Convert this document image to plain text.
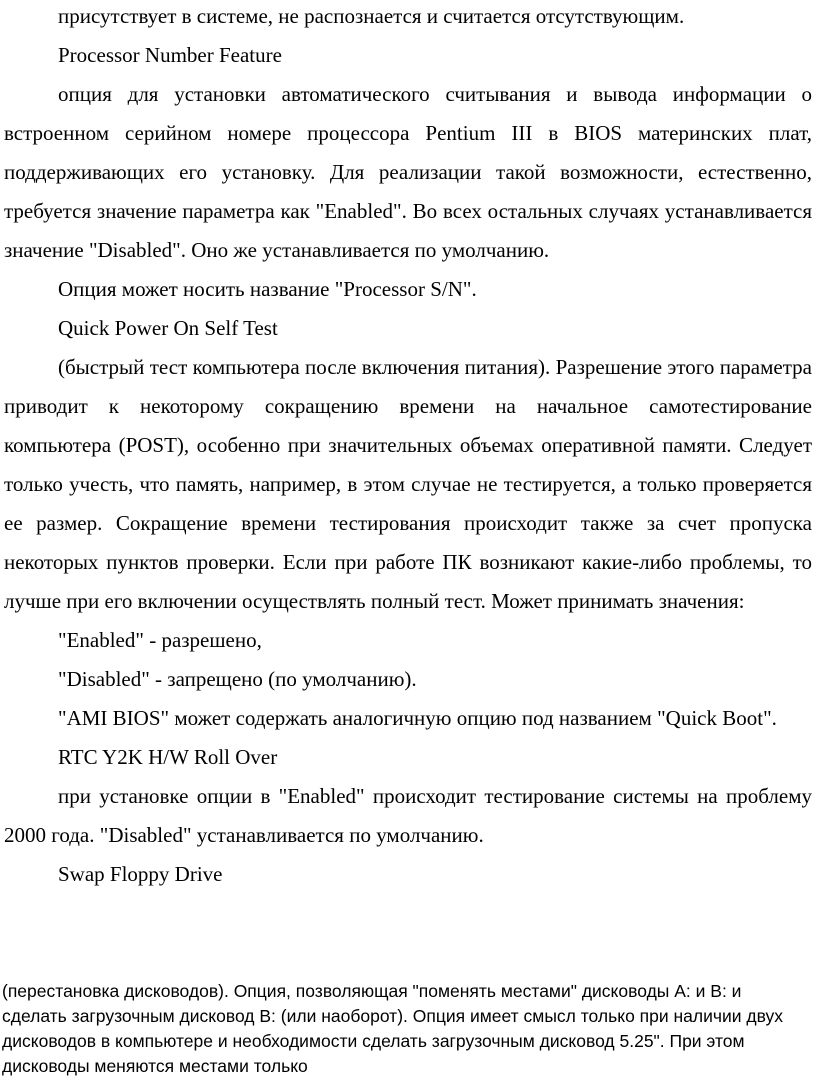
присутствует в системе, не распознается и считается отсутствующим.

Processor Number Feature

опция для установки автоматического считывания и вывода информации о встроенном серийном номере процессора Pentium III в BIOS материнских плат, поддерживающих его установку. Для реализации такой возможности, естественно, требуется значение параметра как "Enabled". Во всех остальных случаях устанавливается значение "Disabled". Оно же устанавливается по умолчанию.

Опция может носить название "Processor S/N".

Quick Power On Self Test

(быстрый тест компьютера после включения питания). Разрешение этого параметра приводит к некоторому сокращению времени на начальное самотестирование компьютера (POST), особенно при значительных объемах оперативной памяти. Следует только учесть, что память, например, в этом случае не тестируется, а только проверяется ее размер. Сокращение времени тестирования происходит также за счет пропуска некоторых пунктов проверки. Если при работе ПК возникают какие-либо проблемы, то лучше при его включении осуществлять полный тест. Может принимать значения:

"Enabled" - разрешено,

"Disabled" - запрещено (по умолчанию).

"AMI BIOS" может содержать аналогичную опцию под названием "Quick Boot".

RTC Y2K H/W Roll Over

при установке опции в "Enabled" происходит тестирование системы на проблему 2000 года. "Disabled" устанавливается по умолчанию.

Swap Floppy Drive

(перестановка дисководов). Опция, позволяющая "поменять местами" дисководы А: и В: и сделать загрузочным дисковод В: (или наоборот). Опция имеет смысл только при наличии двух дисководов в компьютере и необходимости сделать загрузочным дисковод 5.25". При этом дисководы меняются местами только
